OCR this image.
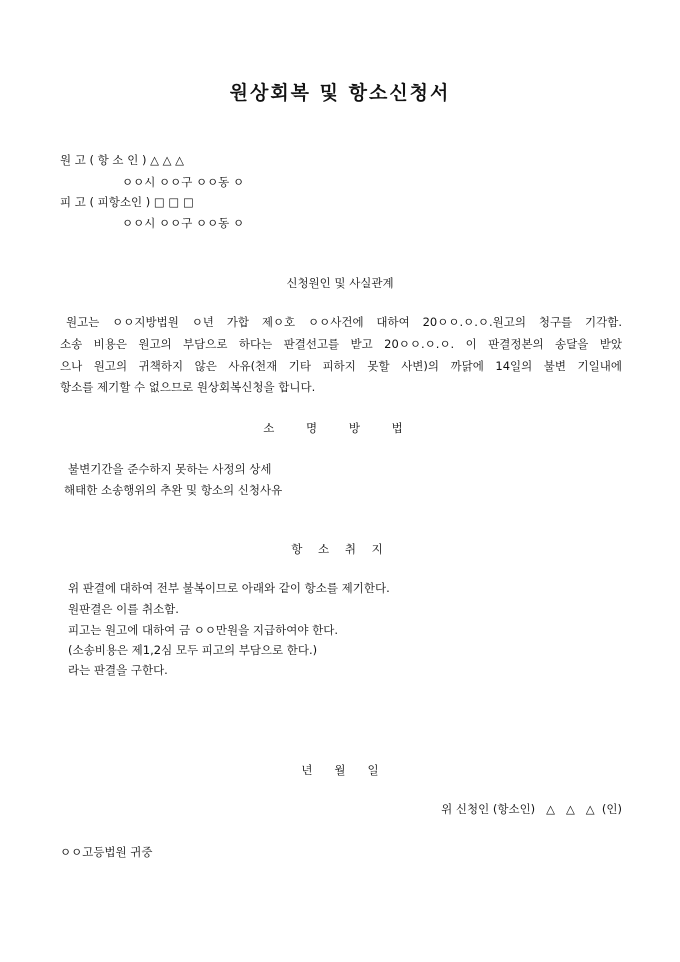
원상회복 및 항소신청서
원 고 ( 항 소 인 ) △ △ △
ㅇㅇ시 ㅇㅇ구 ㅇㅇ동 ㅇ
피 고 ( 피항소인 ) □ □ □
ㅇㅇ시 ㅇㅇ구 ㅇㅇ동 ㅇ
신청원인 및 사실관계
원고는 ㅇㅇ지방법원 ㅇ년 가합 제ㅇ호 ㅇㅇ사건에 대하여 20ㅇㅇ.ㅇ.ㅇ.원고의 청구를 기각함.
소송 비용은 원고의 부담으로 하다는 판결선고를 받고 20ㅇㅇ.ㅇ.ㅇ. 이 판결정본의 송달을 받았
으나 원고의 귀책하지 않은 사유(천재 기타 피하지 못할 사변)의 까닭에 14일의 불변 기일내에
항소를 제기할 수 없으므로 원상회복신청을 합니다.
소 명 방 법
불변기간을 준수하지 못하는 사정의 상세
해태한 소송행위의 추완 및 항소의 신청사유
항 소 취 지
위 판결에 대하여 전부 불복이므로 아래와 같이 항소를 제기한다.
원판결은 이를 취소함.
피고는 원고에 대하여 금 ㅇㅇ만원을 지급하여야 한다.
(소송비용은 제1,2심 모두 피고의 부담으로 한다.)
라는 판결을 구한다.
년      월      일
위 신청인 (항소인)   △   △   △  (인)
ㅇㅇ고등법원 귀중
